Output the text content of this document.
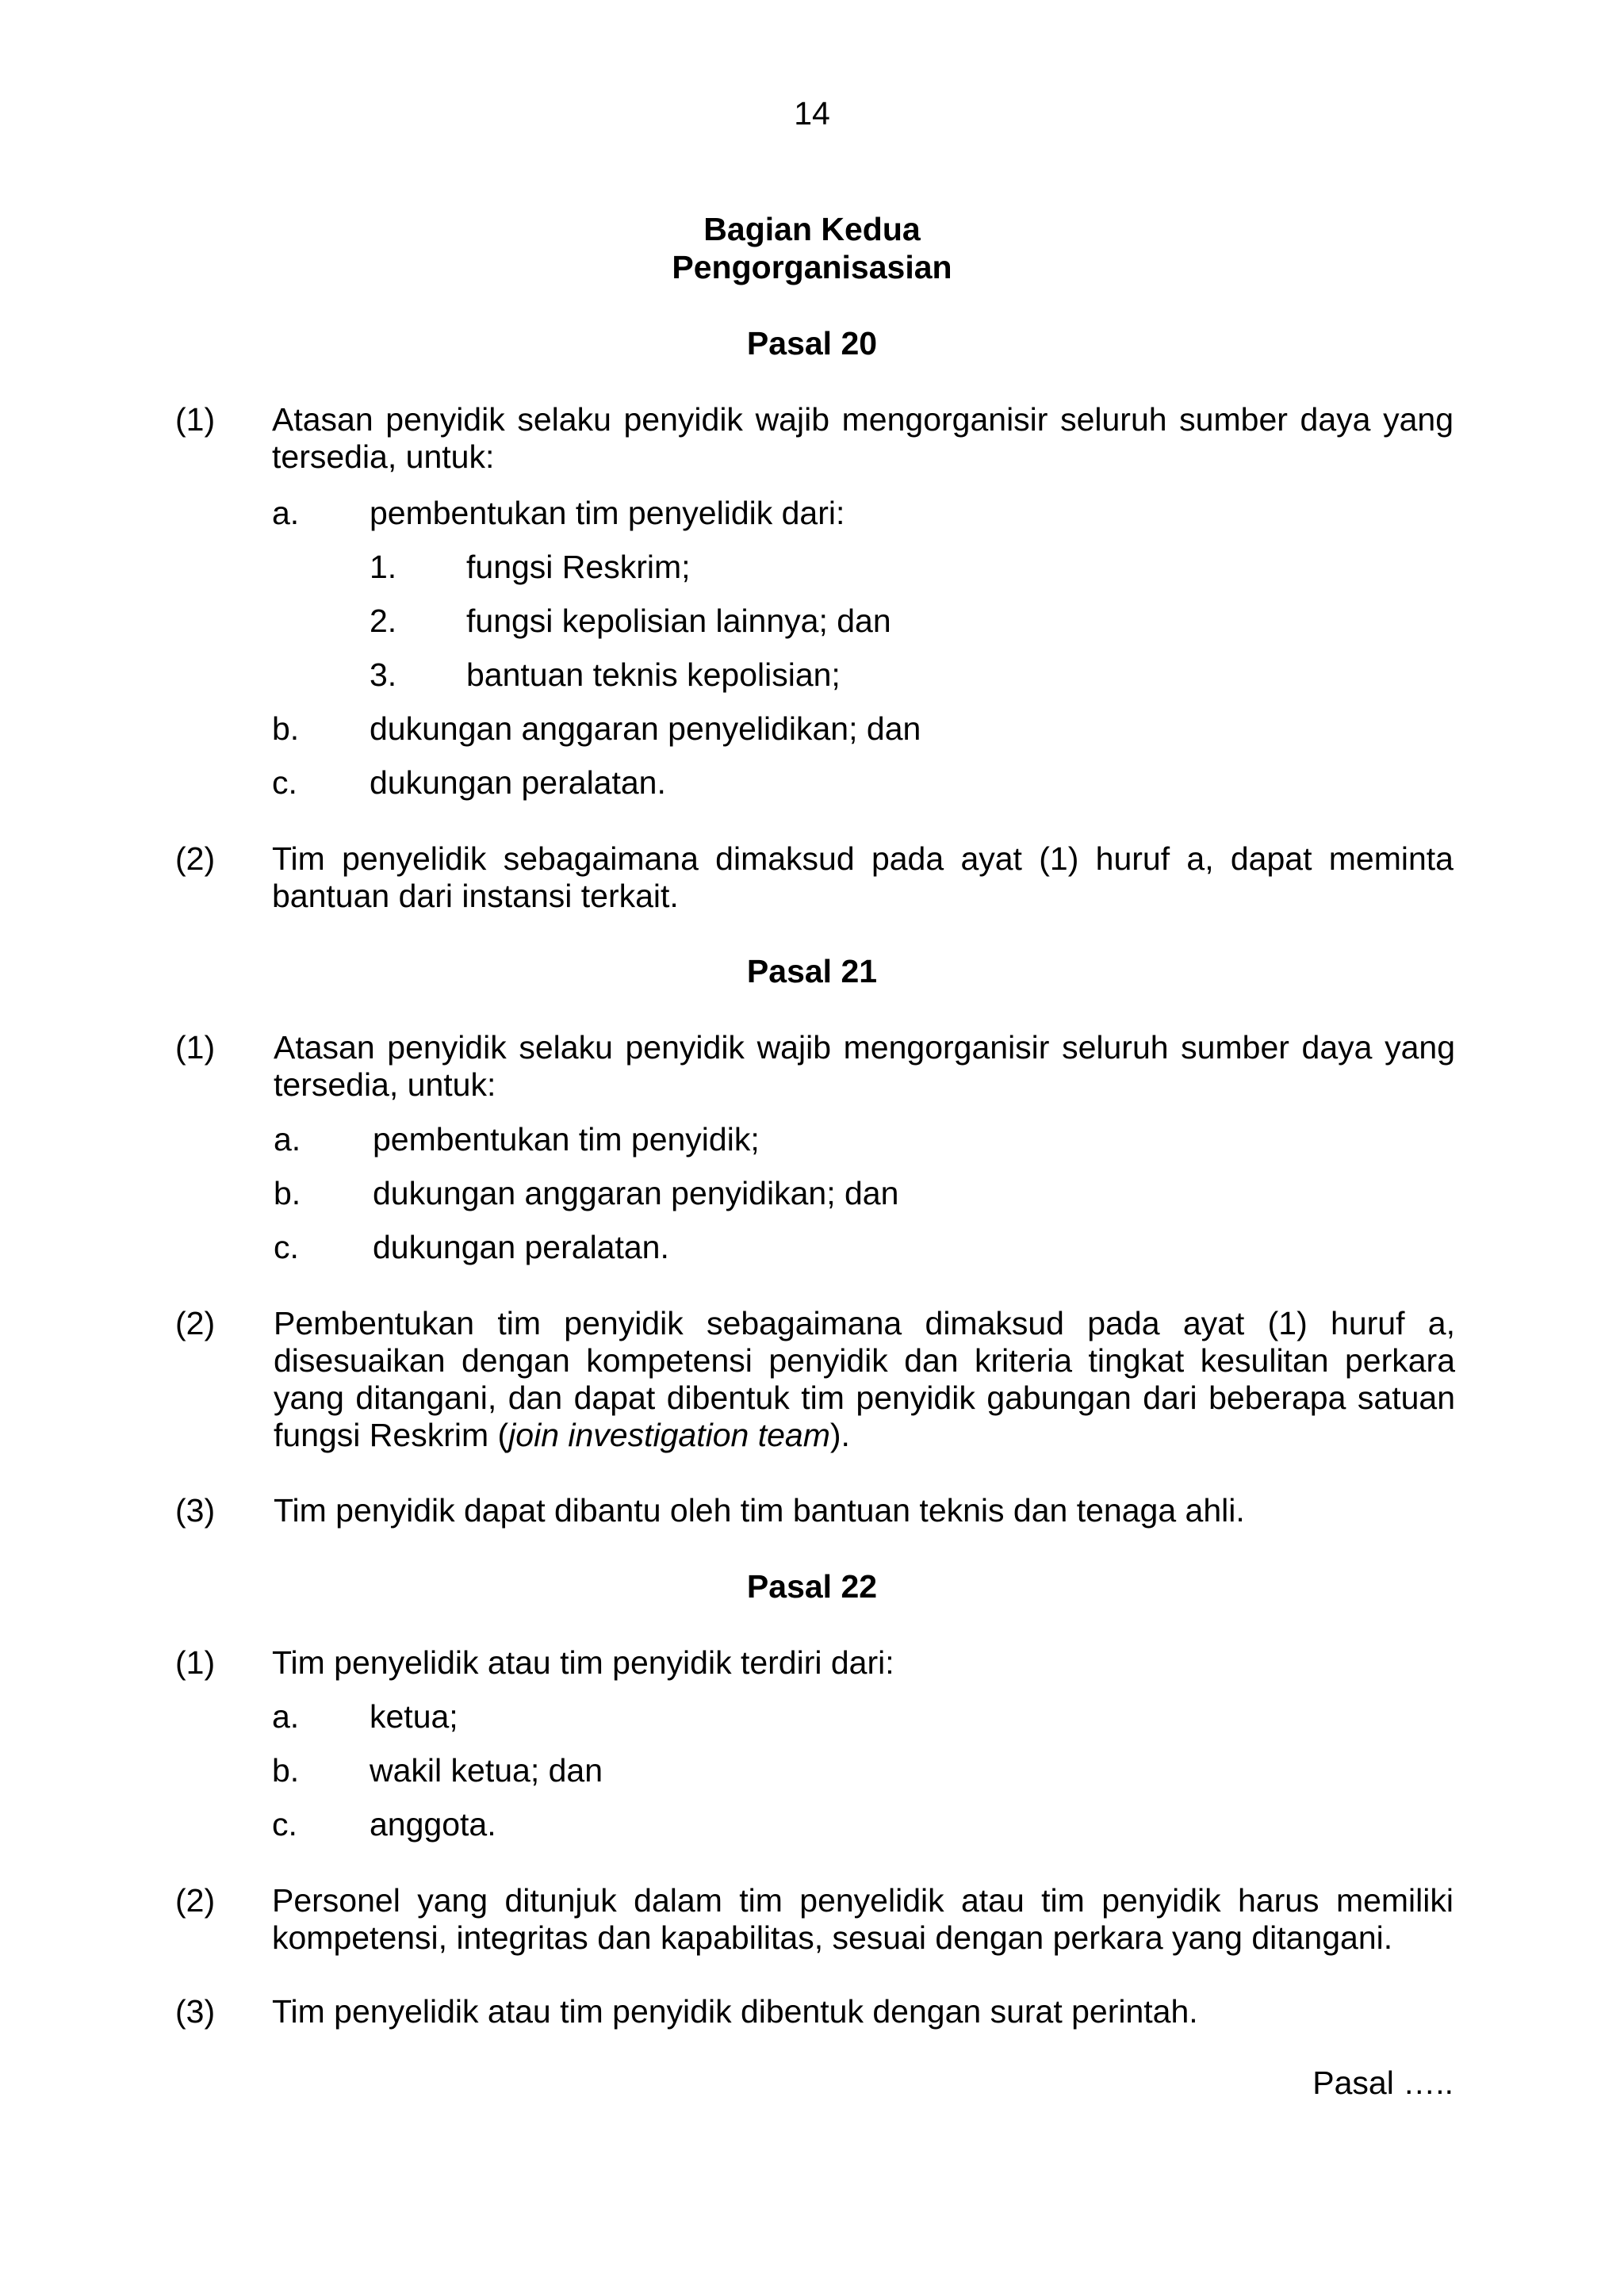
14
Bagian Kedua
Pengorganisasian
Pasal 20
(1) Atasan penyidik selaku penyidik wajib mengorganisir seluruh sumber daya yang
tersedia, untuk:
a. pembentukan tim penyelidik dari:
1. fungsi Reskrim;
2. fungsi kepolisian lainnya; dan
3. bantuan teknis kepolisian;
b. dukungan anggaran penyelidikan; dan
c. dukungan peralatan.
(2) Tim penyelidik sebagaimana dimaksud pada ayat (1) huruf a, dapat meminta
bantuan dari instansi terkait.
Pasal 21
(1) Atasan penyidik selaku penyidik wajib mengorganisir seluruh sumber daya yang
tersedia, untuk:
a. pembentukan tim penyidik;
b. dukungan anggaran penyidikan; dan
c. dukungan peralatan.
(2) Pembentukan tim penyidik sebagaimana dimaksud pada ayat (1) huruf a,
disesuaikan dengan kompetensi penyidik dan kriteria tingkat kesulitan perkara
yang ditangani, dan dapat dibentuk tim penyidik gabungan dari beberapa satuan
fungsi Reskrim (join investigation team).
(3) Tim penyidik dapat dibantu oleh tim bantuan teknis dan tenaga ahli.
Pasal 22
(1) Tim penyelidik atau tim penyidik terdiri dari:
a. ketua;
b. wakil ketua; dan
c. anggota.
(2) Personel yang ditunjuk dalam tim penyelidik atau tim penyidik harus memiliki
kompetensi, integritas dan kapabilitas, sesuai dengan perkara yang ditangani.
(3) Tim penyelidik atau tim penyidik dibentuk dengan surat perintah.
Pasal …..
